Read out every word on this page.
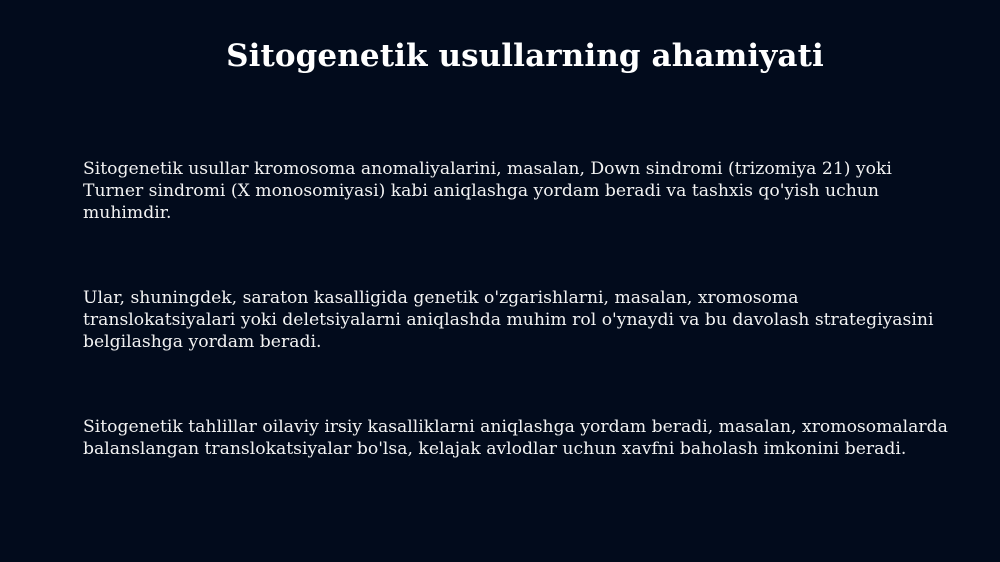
Sitogenetik usullarning ahamiyati

Sitogenetik usullar kromosoma anomaliyalarini, masalan, Down sindromi (trizomiya 21) yoki Turner sindromi (X monosomiyasi) kabi aniqlashga yordam beradi va tashxis qo'yish uchun muhimdir.

Ular, shuningdek, saraton kasalligida genetik o'zgarishlarni, masalan, xromosoma translokatsiyalari yoki deletsiyalarni aniqlashda muhim rol o'ynaydi va bu davolash strategiyasini belgilashga yordam beradi.

Sitogenetik tahlillar oilaviy irsiy kasalliklarni aniqlashga yordam beradi, masalan, xromosomalarda balanslangan translokatsiyalar bo'lsa, kelajak avlodlar uchun xavfni baholash imkonini beradi.
